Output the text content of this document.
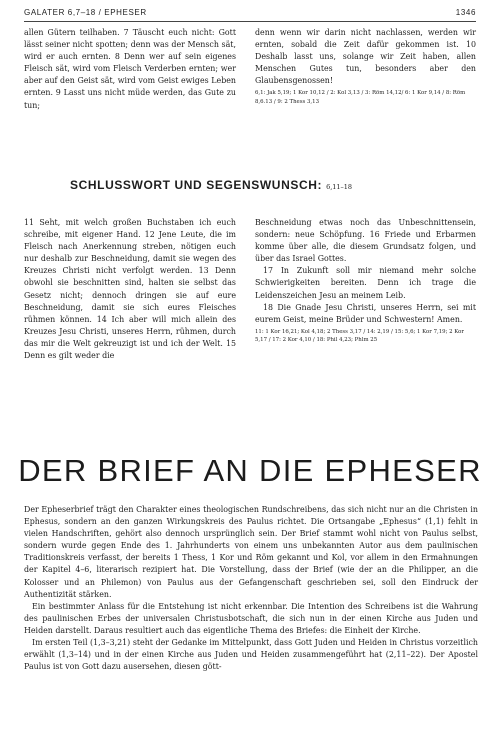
GALATER 6,7–18 / EPHESER	1346

allen Gütern teilhaben. 7 Täuscht euch nicht: Gott lässt seiner nicht spotten; denn was der Mensch sät, wird er auch ernten. 8 Denn wer auf sein eigenes Fleisch sät, wird vom Fleisch Verderben ernten; wer aber auf den Geist sät, wird vom Geist ewiges Leben ernten. 9 Lasst uns nicht müde werden, das Gute zu tun;

denn wenn wir darin nicht nachlassen, werden wir ernten, sobald die Zeit dafür gekommen ist. 10 Deshalb lasst uns, solange wir Zeit haben, allen Menschen Gutes tun, besonders aber den Glaubensgenossen!

6,1: Jak 5,19; 1 Kor 10,12 / 2: Kol 3,13 / 3: Röm 14,12/ 6: 1 Kor 9,14 / 8: Röm 8,6.13 / 9: 2 Thess 3,13
SCHLUSSWORT UND SEGENSWUNSCH: 6,11–18

11 Seht, mit welch großen Buchstaben ich euch schreibe, mit eigener Hand. 12 Jene Leute, die im Fleisch nach Anerkennung streben, nötigen euch nur deshalb zur Beschneidung, damit sie wegen des Kreuzes Christi nicht verfolgt werden. 13 Denn obwohl sie beschnitten sind, halten sie selbst das Gesetz nicht; dennoch dringen sie auf eure Beschneidung, damit sie sich eures Fleisches rühmen können. 14 Ich aber will mich allein des Kreuzes Jesu Christi, unseres Herrn, rühmen, durch das mir die Welt gekreuzigt ist und ich der Welt. 15 Denn es gilt weder die

Beschneidung etwas noch das Unbeschnittensein, sondern: neue Schöpfung. 16 Friede und Erbarmen komme über alle, die diesem Grundsatz folgen, und über das Israel Gottes.

17 In Zukunft soll mir niemand mehr solche Schwierigkeiten bereiten. Denn ich trage die Leidenszeichen Jesu an meinem Leib.

18 Die Gnade Jesu Christi, unseres Herrn, sei mit eurem Geist, meine Brüder und Schwestern! Amen.

11: 1 Kor 16,21; Kol 4,18; 2 Thess 3,17 / 14: 2,19 / 15: 5,6; 1 Kor 7,19; 2 Kor 5,17 / 17: 2 Kor 4,10 / 18: Phil 4,23; Phlm 25
DER BRIEF AN DIE EPHESER

Der Epheserbrief trägt den Charakter eines theologischen Rundschreibens, das sich nicht nur an die Christen in Ephesus, sondern an den ganzen Wirkungskreis des Paulus richtet. Die Ortsangabe „Ephesus“ (1,1) fehlt in vielen Handschriften, gehört also dennoch ursprünglich sein. Der Brief stammt wohl nicht von Paulus selbst, sondern wurde gegen Ende des 1. Jahrhunderts von einem uns unbekannten Autor aus dem paulinischen Traditionskreis verfasst, der bereits 1 Thess, 1 Kor und Röm gekannt und Kol, vor allem in den Ermahnungen der Kapitel 4–6, literarisch rezipiert hat. Die Vorstellung, dass der Brief (wie der an die Philipper, an die Kolosser und an Philemon) von Paulus aus der Gefangenschaft geschrieben sei, soll den Eindruck der Authentizität stärken.

Ein bestimmter Anlass für die Entstehung ist nicht erkennbar. Die Intention des Schreibens ist die Wahrung des paulinischen Erbes der universalen Christusbotschaft, die sich nun in der einen Kirche aus Juden und Heiden darstellt. Daraus resultiert auch das eigentliche Thema des Briefes: die Einheit der Kirche.

Im ersten Teil (1,3–3,21) steht der Gedanke im Mittelpunkt, dass Gott Juden und Heiden in Christus vorzeitlich erwählt (1,3–14) und in der einen Kirche aus Juden und Heiden zusammengeführt hat (2,11–22). Der Apostel Paulus ist von Gott dazu ausersehen, diesen gött-
